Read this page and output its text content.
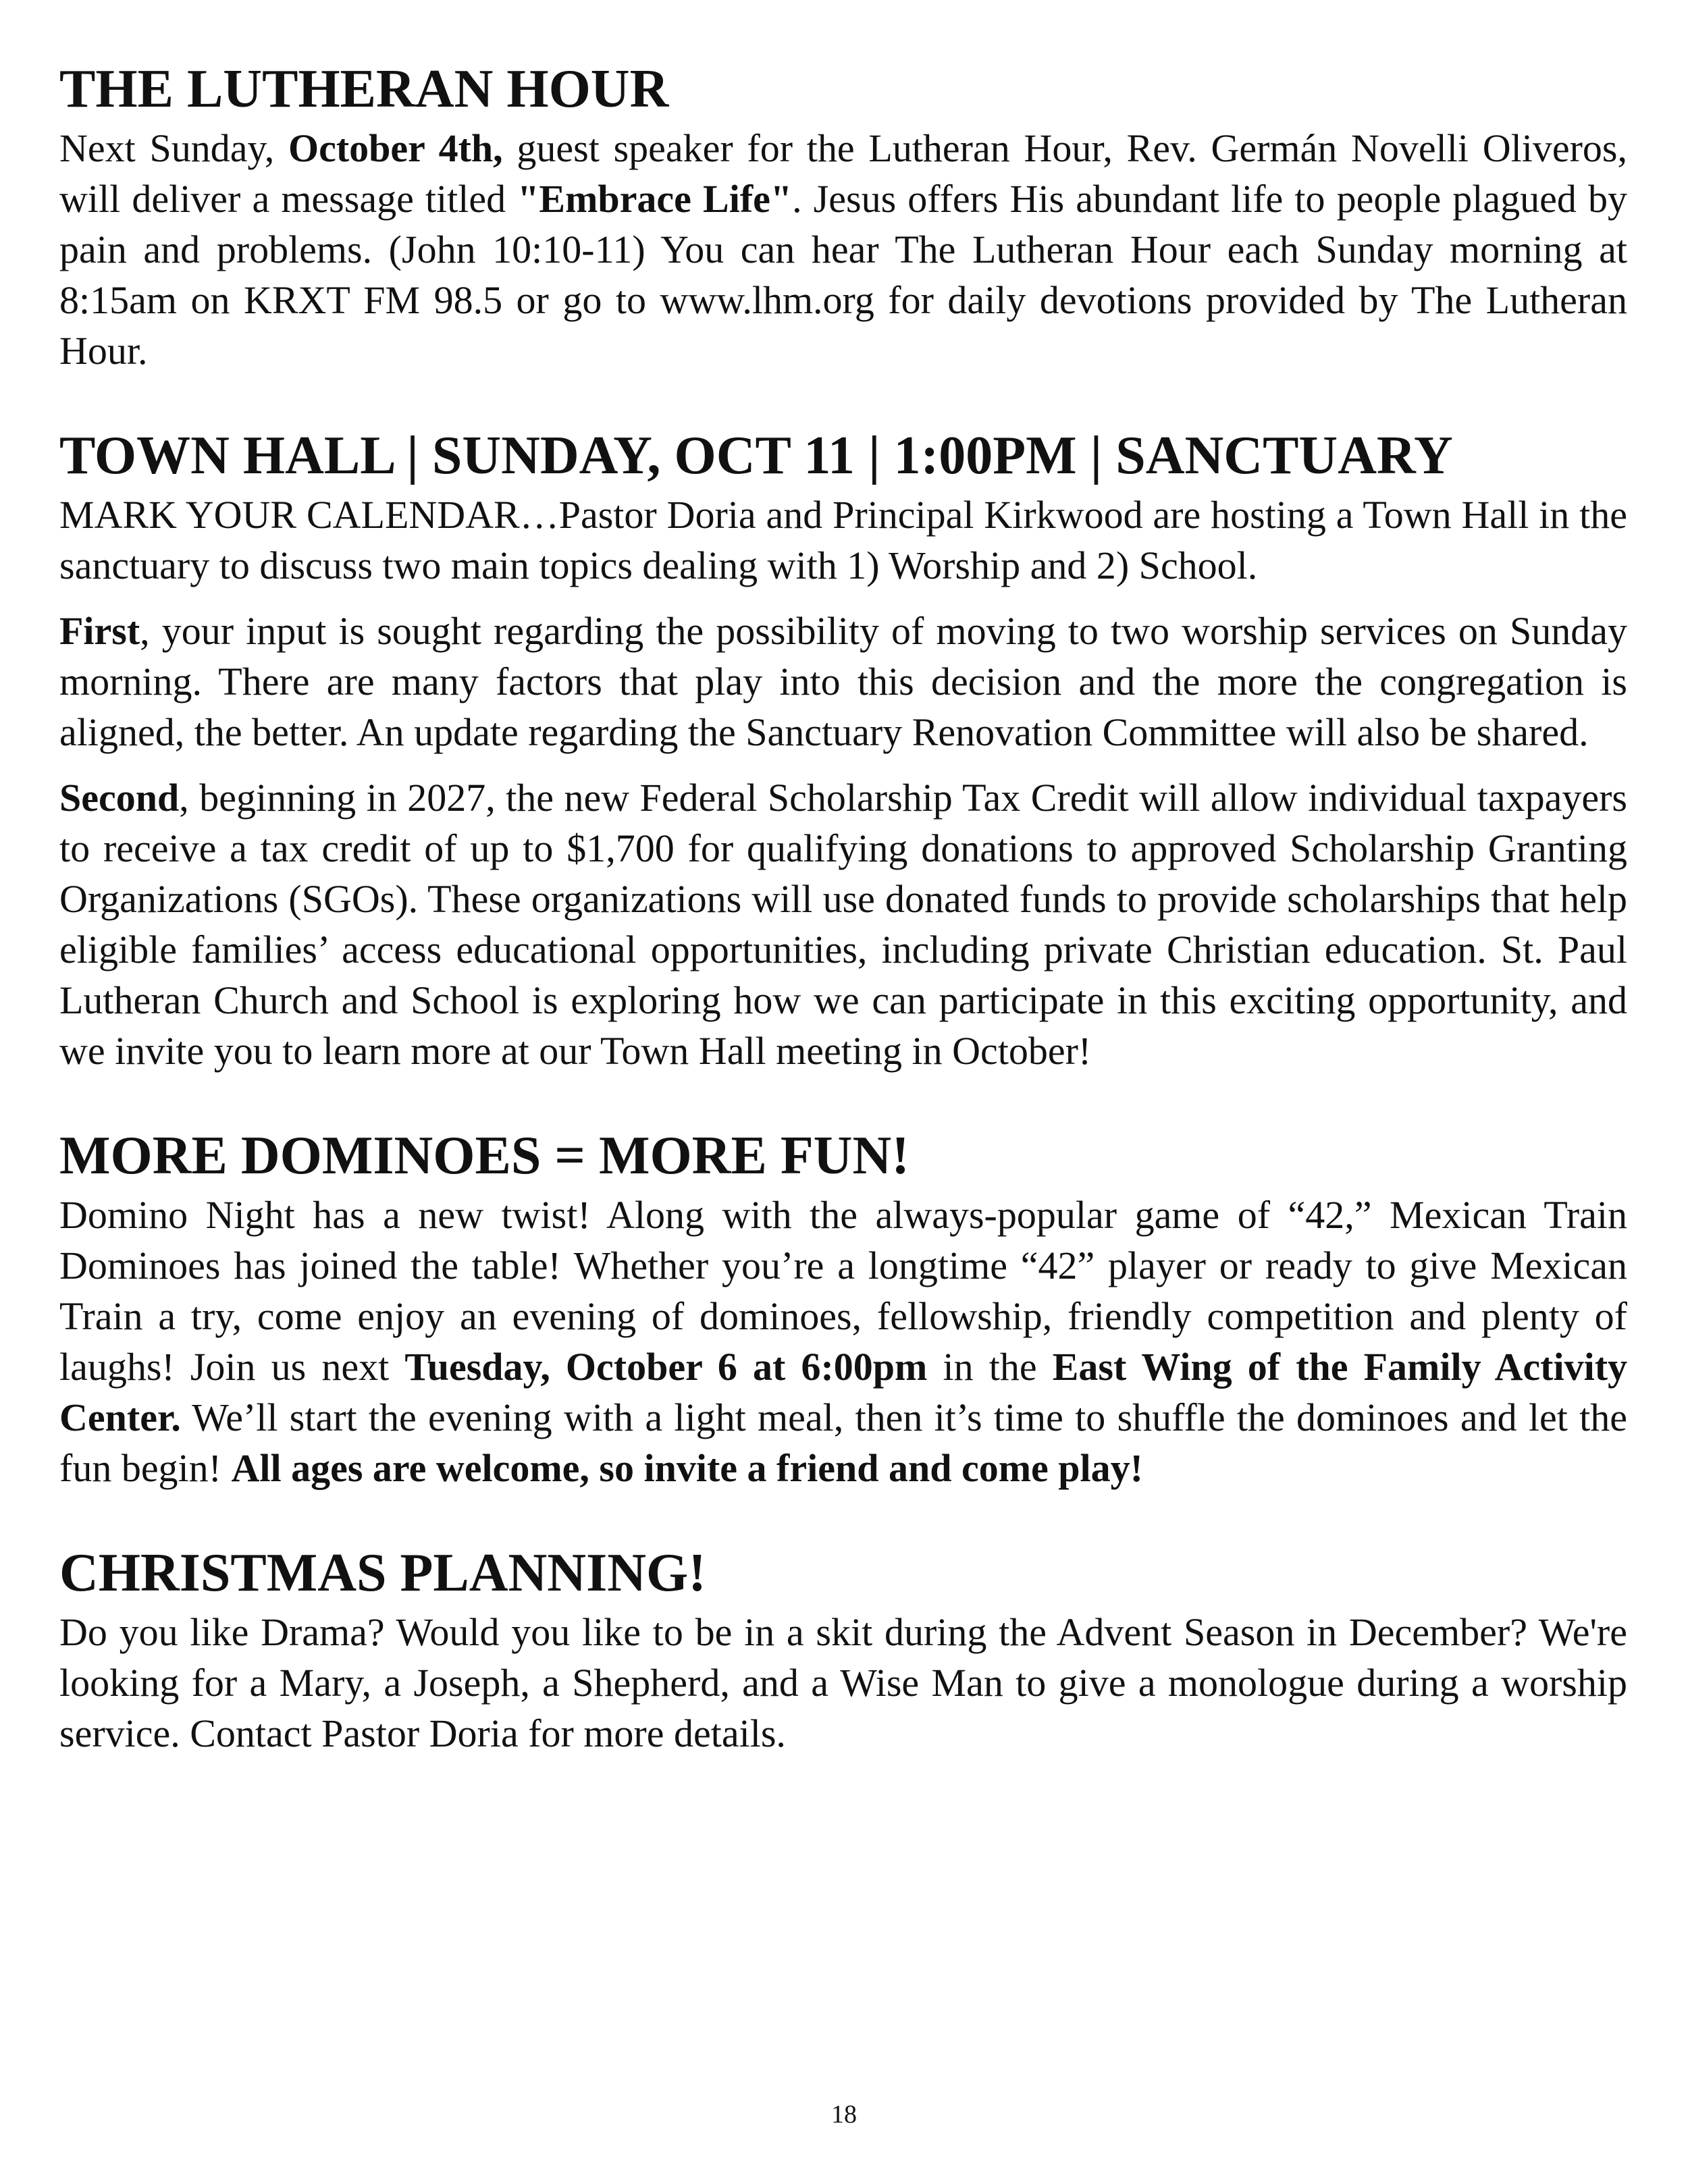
THE LUTHERAN HOUR

Next Sunday, October 4th, guest speaker for the Lutheran Hour, Rev. Germán Novelli Oliveros, will deliver a message titled "Embrace Life". Jesus offers His abundant life to people plagued by pain and problems. (John 10:10-11) You can hear The Lutheran Hour each Sunday morning at 8:15am on KRXT FM 98.5 or go to www.lhm.org for daily devotions provided by The Lutheran Hour.

TOWN HALL | SUNDAY, OCT 11 | 1:00PM | SANCTUARY

MARK YOUR CALENDAR…Pastor Doria and Principal Kirkwood are hosting a Town Hall in the sanctuary to discuss two main topics dealing with 1) Worship and 2) School.

First, your input is sought regarding the possibility of moving to two worship services on Sunday morning. There are many factors that play into this decision and the more the congregation is aligned, the better. An update regarding the Sanctuary Renovation Committee will also be shared.

Second, beginning in 2027, the new Federal Scholarship Tax Credit will allow individual taxpayers to receive a tax credit of up to $1,700 for qualifying donations to approved Scholarship Granting Organizations (SGOs). These organizations will use donated funds to provide scholarships that help eligible families’ access educational opportunities, including private Christian education. St. Paul Lutheran Church and School is exploring how we can participate in this exciting opportunity, and we invite you to learn more at our Town Hall meeting in October!

MORE DOMINOES = MORE FUN!

Domino Night has a new twist! Along with the always-popular game of “42,” Mexican Train Dominoes has joined the table! Whether you’re a longtime “42” player or ready to give Mexican Train a try, come enjoy an evening of dominoes, fellowship, friendly competition and plenty of laughs! Join us next Tuesday, October 6 at 6:00pm in the East Wing of the Family Activity Center. We’ll start the evening with a light meal, then it’s time to shuffle the dominoes and let the fun begin! All ages are welcome, so invite a friend and come play!

CHRISTMAS PLANNING!

Do you like Drama? Would you like to be in a skit during the Advent Season in December? We're looking for a Mary, a Joseph, a Shepherd, and a Wise Man to give a monologue during a worship service. Contact Pastor Doria for more details.

18
